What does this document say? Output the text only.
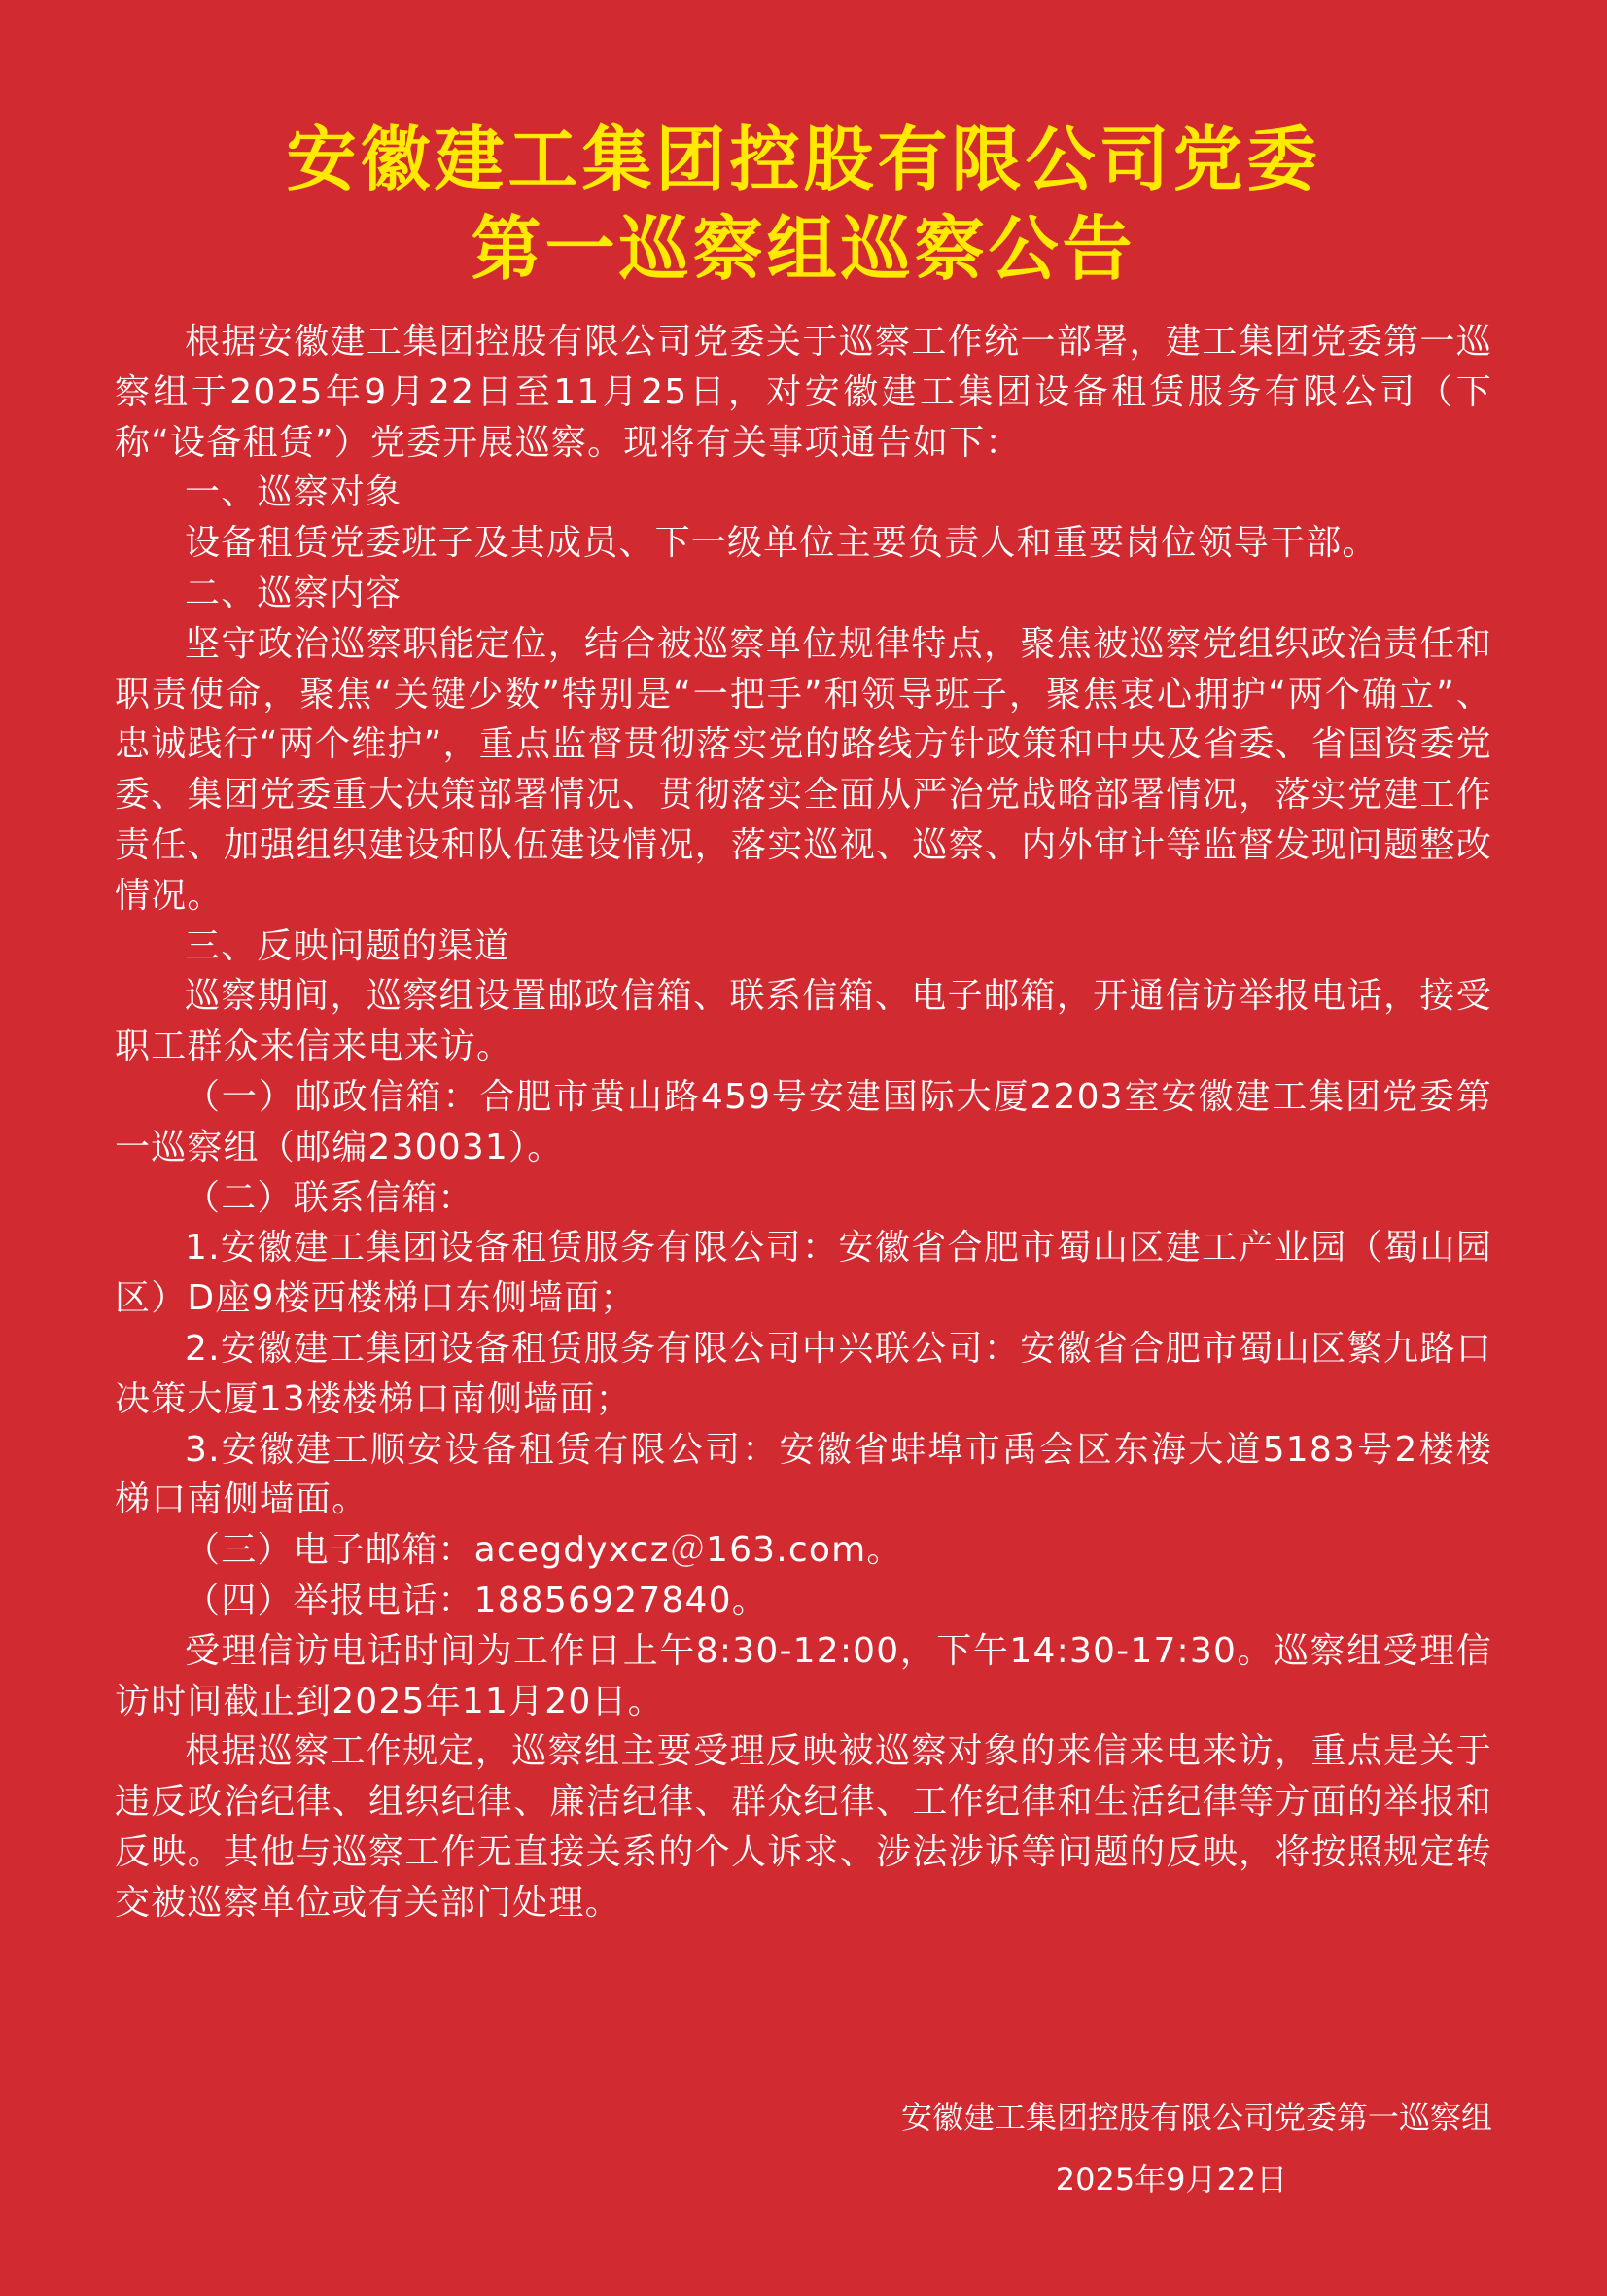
安徽建工集团控股有限公司党委
第一巡察组巡察公告

根据安徽建工集团控股有限公司党委关于巡察工作统一部署，建工集团党委第一巡察组于2025年9月22日至11月25日，对安徽建工集团设备租赁服务有限公司（下称“设备租赁”）党委开展巡察。现将有关事项通告如下：

一、巡察对象

设备租赁党委班子及其成员、下一级单位主要负责人和重要岗位领导干部。

二、巡察内容

坚守政治巡察职能定位，结合被巡察单位规律特点，聚焦被巡察党组织政治责任和职责使命，聚焦“关键少数”特别是“一把手”和领导班子，聚焦衷心拥护“两个确立”、忠诚践行“两个维护”，重点监督贯彻落实党的路线方针政策和中央及省委、省国资委党委、集团党委重大决策部署情况、贯彻落实全面从严治党战略部署情况，落实党建工作责任、加强组织建设和队伍建设情况，落实巡视、巡察、内外审计等监督发现问题整改情况。

三、反映问题的渠道

巡察期间，巡察组设置邮政信箱、联系信箱、电子邮箱，开通信访举报电话，接受职工群众来信来电来访。

（一）邮政信箱：合肥市黄山路459号安建国际大厦2203室安徽建工集团党委第一巡察组（邮编230031）。

（二）联系信箱：

1.安徽建工集团设备租赁服务有限公司：安徽省合肥市蜀山区建工产业园（蜀山园区）D座9楼西楼梯口东侧墙面；

2.安徽建工集团设备租赁服务有限公司中兴联公司：安徽省合肥市蜀山区繁九路口决策大厦13楼楼梯口南侧墙面；

3.安徽建工顺安设备租赁有限公司：安徽省蚌埠市禹会区东海大道5183号2楼楼梯口南侧墙面。

（三）电子邮箱：acegdyxcz＠163.com。

（四）举报电话：18856927840。

受理信访电话时间为工作日上午8:30-12:00，下午14:30-17:30。巡察组受理信访时间截止到2025年11月20日。

根据巡察工作规定，巡察组主要受理反映被巡察对象的来信来电来访，重点是关于违反政治纪律、组织纪律、廉洁纪律、群众纪律、工作纪律和生活纪律等方面的举报和反映。其他与巡察工作无直接关系的个人诉求、涉法涉诉等问题的反映，将按照规定转交被巡察单位或有关部门处理。

安徽建工集团控股有限公司党委第一巡察组
2025年9月22日
